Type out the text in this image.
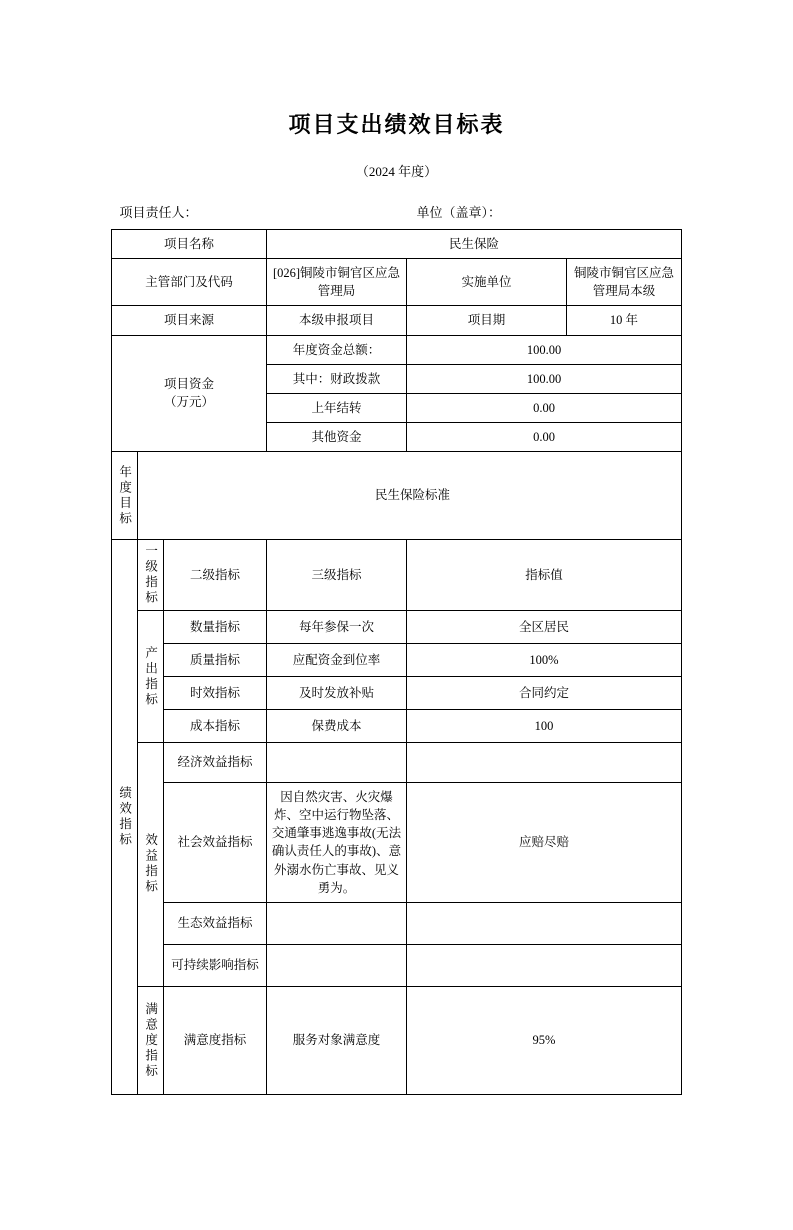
项目支出绩效目标表
（2024 年度）
项目责任人：	单位（盖章）：
项目名称			民生保险		
主管部门及代码			[026]铜陵市铜官区应急管理局	实施单位	铜陵市铜官区应急管理局本级
项目来源			本级申报项目	项目期	10 年

项目资金
（万元）			年度资金总额：	100.00	
			其中：财政拨款	100.00	
			上年结转	0.00	
			其他资金	0.00	

年度目标	民生保险标准				

绩效指标	一级指标	二级指标	三级指标	指标值	

	产出指标	数量指标	每年参保一次	全区居民	
		质量指标	应配资金到位率	100%	
		时效指标	及时发放补贴	合同约定	
		成本指标	保费成本	100	

	效益指标	经济效益指标			
		社会效益指标	因自然灾害、火灾爆炸、空中运行物坠落、交通肇事逃逸事故(无法确认责任人的事故)、意外溺水伤亡事故、见义勇为。	应赔尽赔	
		生态效益指标			
		可持续影响指标			

	满意度指标	满意度指标	服务对象满意度	95%	
